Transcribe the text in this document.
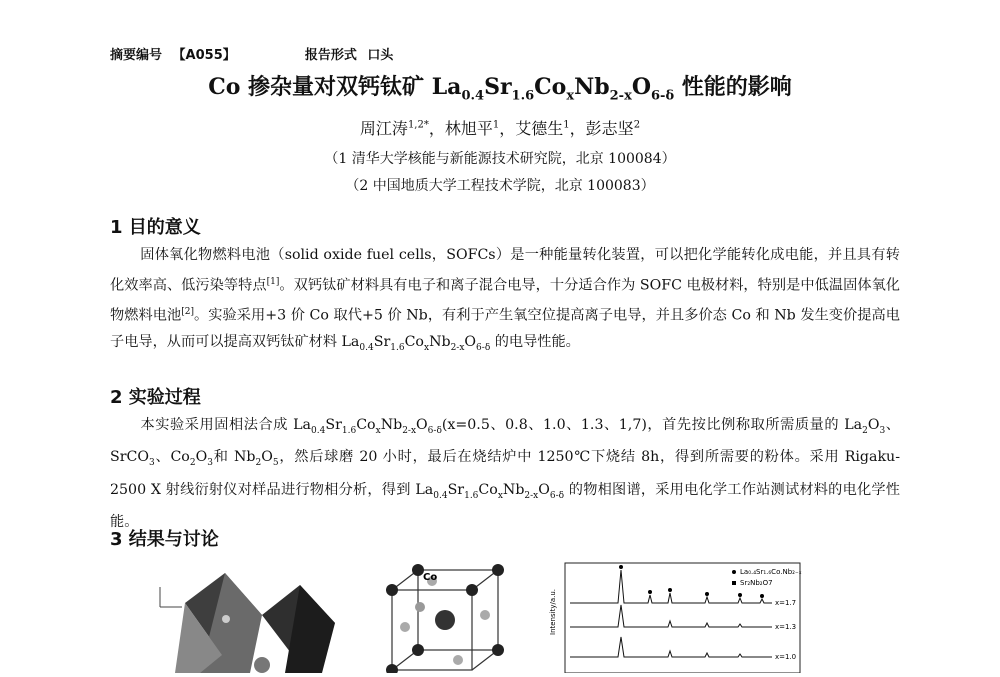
摘要编号 【A055】	报告形式 口头
Co 掺杂量对双钙钛矿 $La_{0.4}Sr_{1.6}Co_xNb_{2-x}O_{6-\delta}$ 性能的影响
周江涛$^{1,2*}$，林旭平$^1$，艾德生$^1$，彭志坚$^2$
（1 清华大学核能与新能源技术研究院，北京 100084）
（2 中国地质大学工程技术学院，北京 100083）
1 目的意义
固体氧化物燃料电池（solid oxide fuel cells，SOFCs）是一种能量转化装置，可以把化学能转化成电能，并且具有转化效率高、低污染等特点[1]。双钙钛矿材料具有电子和离子混合电导，十分适合作为 SOFC 电极材料，特别是中低温固体氧化物燃料电池[2]。实验采用+3 价 Co 取代+5 价 Nb，有利于产生氧空位提高离子电导，并且多价态 Co 和 Nb 发生变价提高电子电导，从而可以提高双钙钛矿材料 $La_{0.4}Sr_{1.6}Co_xNb_{2-x}O_{6-\delta}$ 的电导性能。
2 实验过程
本实验采用固相法合成 $La_{0.4}Sr_{1.6}Co_xNb_{2-x}O_{6-\delta}(x=0.5$、0.8、1.0、1.3、1,7)，首先按比例称取所需质量的 $La_2O_3$、SrCO$_3$、$Co_2O_3$和 $Nb_2O_5$，然后球磨 20 小时，最后在烧结炉中 1250℃下烧结 8h，得到所需要的粉体。采用 Rigaku-2500 X 射线衍射仪对样品进行物相分析，得到 $La_{0.4}Sr_{1.6}Co_xNb_{2-x}O_{6-\delta}$ 的物相图谱，采用电化学工作站测试材料的电化学性能。
3 结果与讨论
Co
Intensity/a.u.
La₀.₄Sr₁.₆Co.Nb₂₋ₓ
Sr₂Nb₂O7
x=1.7
x=1.3
x=1.0
